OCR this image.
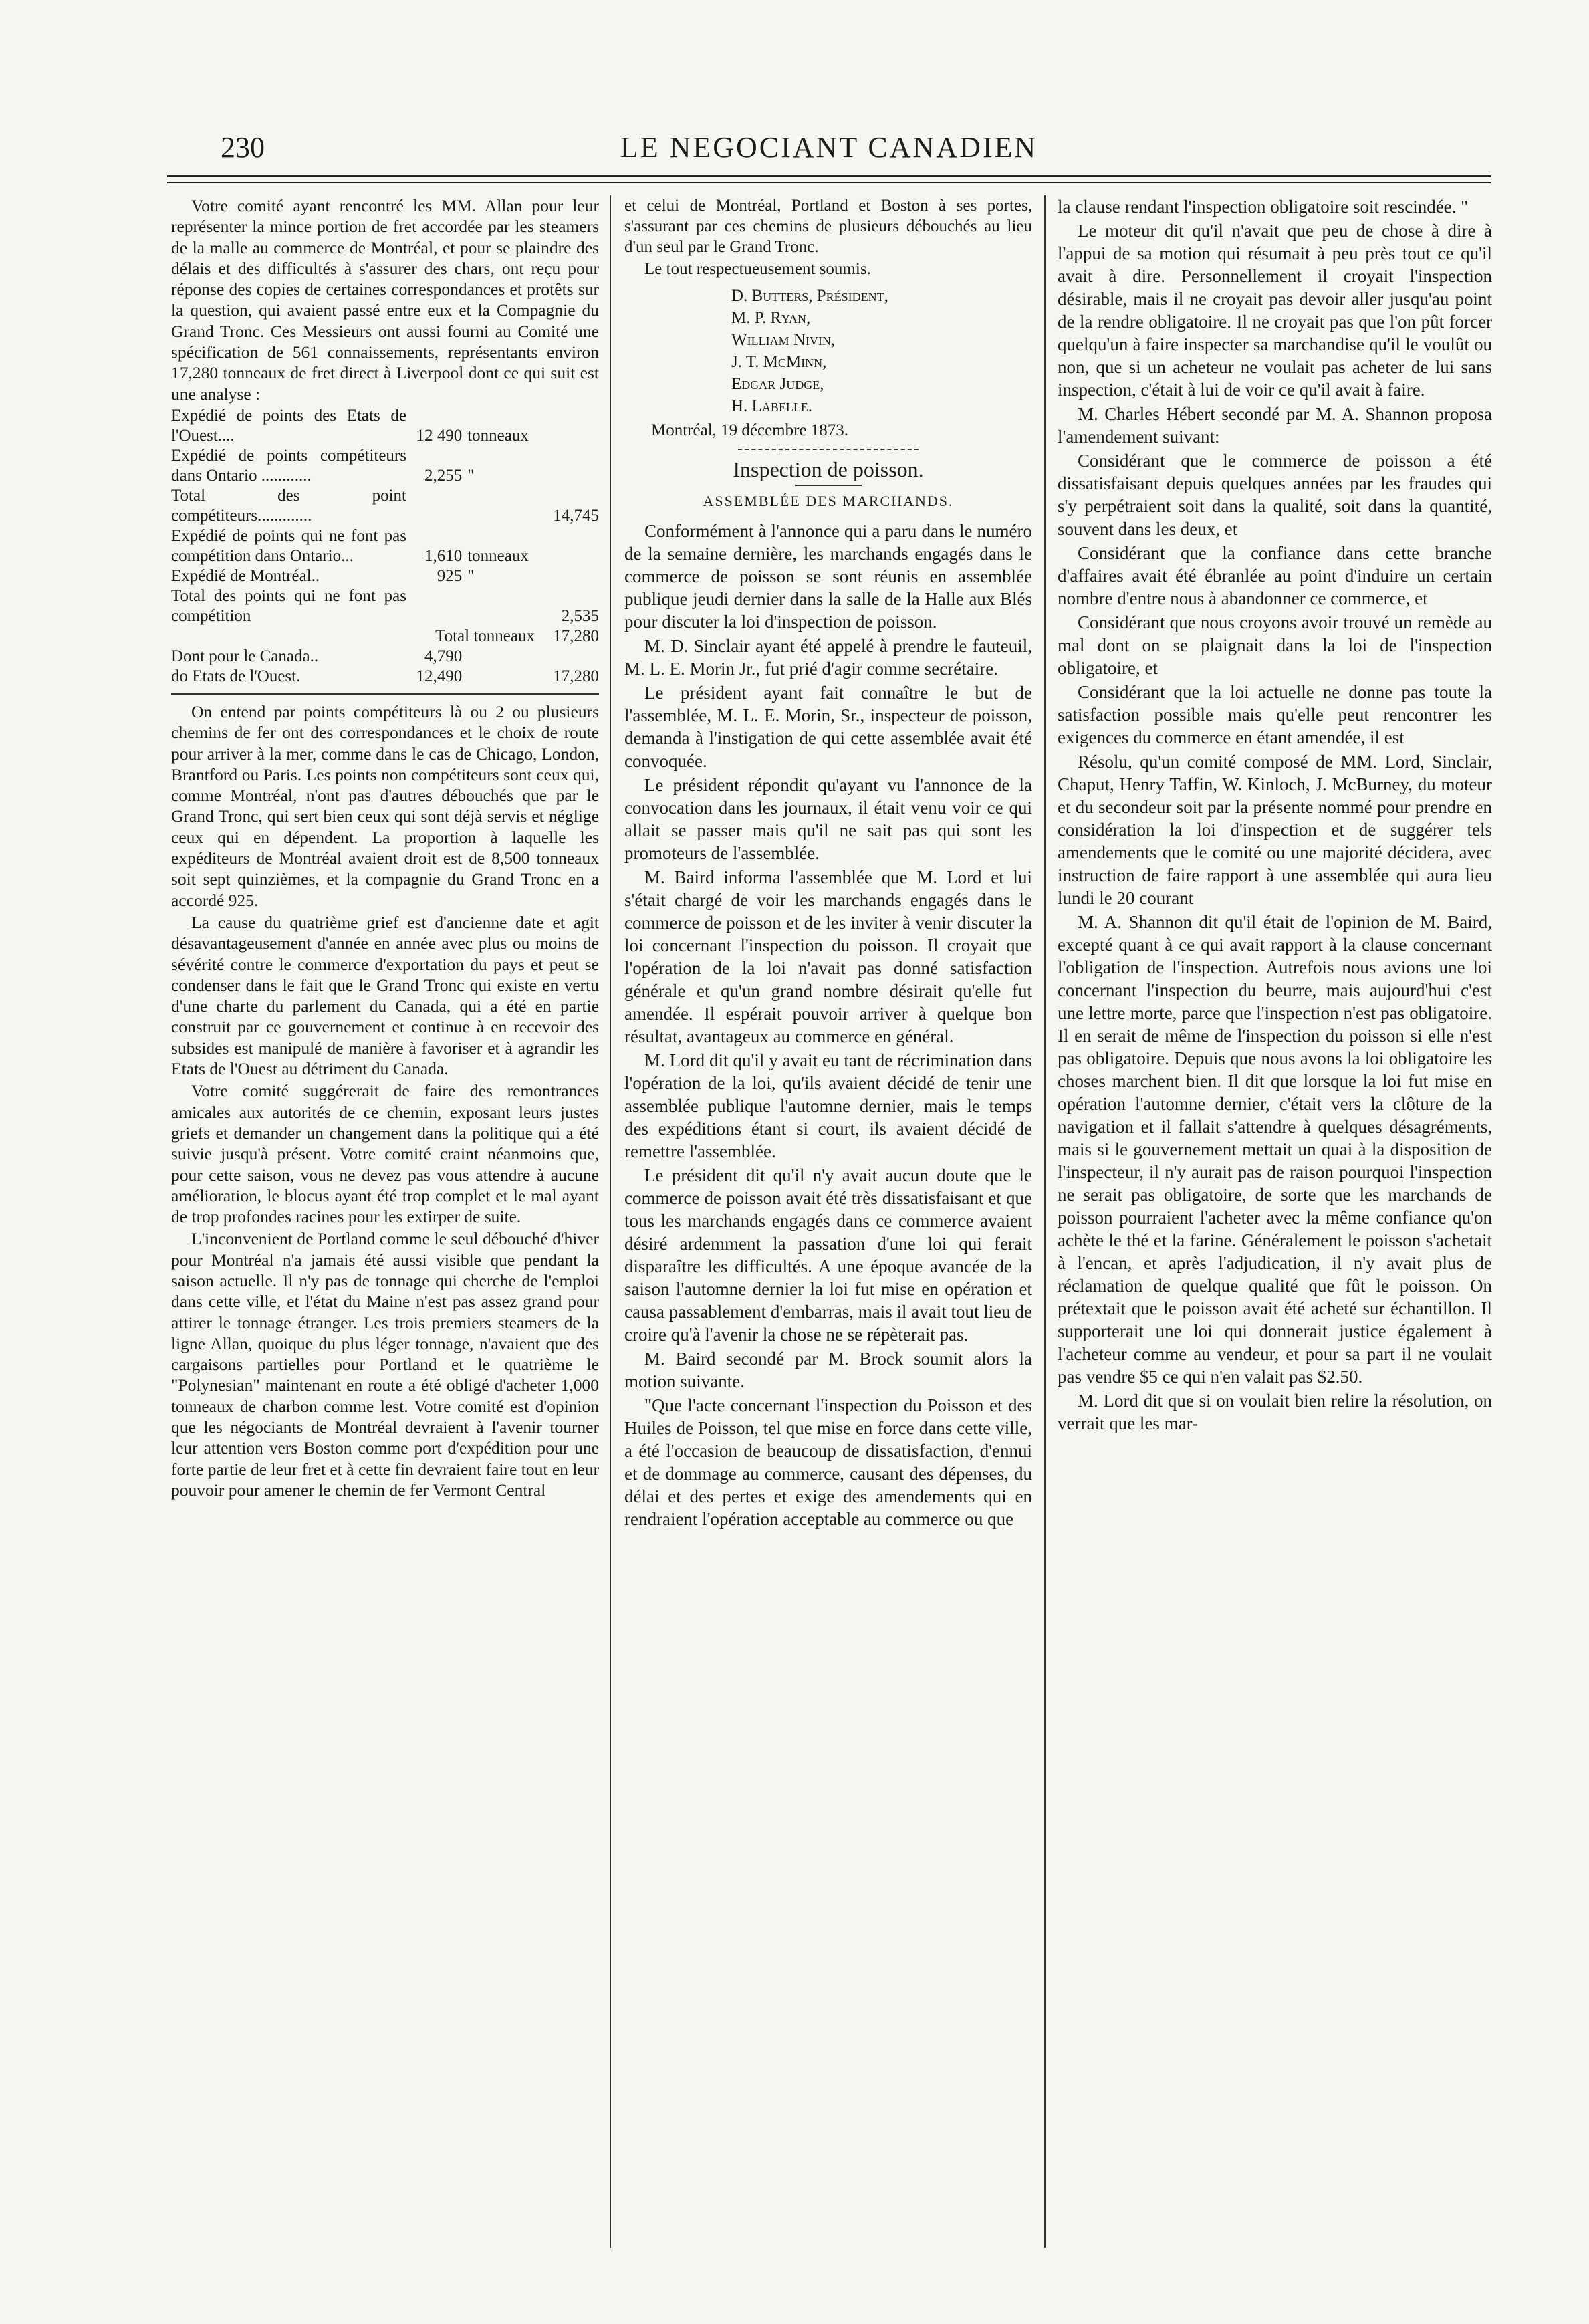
230	LE NEGOCIANT CANADIEN

Votre comité ayant rencontré les MM. Allan pour leur représenter la mince portion de fret accordée par les steamers de la malle au commerce de Montréal, et pour se plaindre des délais et des difficultés à s'assurer des chars, ont reçu pour réponse des copies de certaines correspondances et protêts sur la question, qui avaient passé entre eux et la Compagnie du Grand Tronc. Ces Messieurs ont aussi fourni au Comité une spécification de 561 connaissements, représentants environ 17,280 tonneaux de fret direct à Liverpool dont ce qui suit est une analyse :

Expédié de points des Etats de l'Ouest....	12 490	tonneaux	
Expédié de points compétiteurs dans Ontario ............	2,255	"	
Total des point compétiteurs.............			14,745
Expédié de points qui ne font pas compétition dans Ontario...	1,610	tonneaux	
Expédié de Montréal..	925	"	
Total des points qui ne font pas compétition			2,535
Total tonneaux			17,280
Dont pour le Canada..	4,790		
do Etats de l'Ouest.	12,490		17,280

On entend par points compétiteurs là ou 2 ou plusieurs chemins de fer ont des correspondances et le choix de route pour arriver à la mer, comme dans le cas de Chicago, London, Brantford ou Paris. Les points non compétiteurs sont ceux qui, comme Montréal, n'ont pas d'autres débouchés que par le Grand Tronc, qui sert bien ceux qui sont déjà servis et néglige ceux qui en dépendent. La proportion à laquelle les expéditeurs de Montréal avaient droit est de 8,500 tonneaux soit sept quinzièmes, et la compagnie du Grand Tronc en a accordé 925.

La cause du quatrième grief est d'ancienne date et agit désavantageusement d'année en année avec plus ou moins de sévérité contre le commerce d'exportation du pays et peut se condenser dans le fait que le Grand Tronc qui existe en vertu d'une charte du parlement du Canada, qui a été en partie construit par ce gouvernement et continue à en recevoir des subsides est manipulé de manière à favoriser et à agrandir les Etats de l'Ouest au détriment du Canada.

Votre comité suggérerait de faire des remontrances amicales aux autorités de ce chemin, exposant leurs justes griefs et demander un changement dans la politique qui a été suivie jusqu'à présent. Votre comité craint néanmoins que, pour cette saison, vous ne devez pas vous attendre à aucune amélioration, le blocus ayant été trop complet et le mal ayant de trop profondes racines pour les extirper de suite.

L'inconvenient de Portland comme le seul débouché d'hiver pour Montréal n'a jamais été aussi visible que pendant la saison actuelle. Il n'y pas de tonnage qui cherche de l'emploi dans cette ville, et l'état du Maine n'est pas assez grand pour attirer le tonnage étranger. Les trois premiers steamers de la ligne Allan, quoique du plus léger tonnage, n'avaient que des cargaisons partielles pour Portland et le quatrième le "Polynesian" maintenant en route a été obligé d'acheter 1,000 tonneaux de charbon comme lest. Votre comité est d'opinion que les négociants de Montréal devraient à l'avenir tourner leur attention vers Boston comme port d'expédition pour une forte partie de leur fret et à cette fin devraient faire tout en leur pouvoir pour amener le chemin de fer Vermont Central

et celui de Montréal, Portland et Boston à ses portes, s'assurant par ces chemins de plusieurs débouchés au lieu d'un seul par le Grand Tronc.

Le tout respectueusement soumis.

D. Butters, Président,
M. P. Ryan,
William Nivin,
J. T. McMinn,
Edgar Judge,
H. Labelle.

Montréal, 19 décembre 1873.

Inspection de poisson.
ASSEMBLÉE DES MARCHANDS.

Conformément à l'annonce qui a paru dans le numéro de la semaine dernière, les marchands engagés dans le commerce de poisson se sont réunis en assemblée publique jeudi dernier dans la salle de la Halle aux Blés pour discuter la loi d'inspection de poisson.

M. D. Sinclair ayant été appelé à prendre le fauteuil, M. L. E. Morin Jr., fut prié d'agir comme secrétaire.

Le président ayant fait connaître le but de l'assemblée, M. L. E. Morin, Sr., inspecteur de poisson, demanda à l'instigation de qui cette assemblée avait été convoquée.

Le président répondit qu'ayant vu l'annonce de la convocation dans les journaux, il était venu voir ce qui allait se passer mais qu'il ne sait pas qui sont les promoteurs de l'assemblée.

M. Baird informa l'assemblée que M. Lord et lui s'était chargé de voir les marchands engagés dans le commerce de poisson et de les inviter à venir discuter la loi concernant l'inspection du poisson. Il croyait que l'opération de la loi n'avait pas donné satisfaction générale et qu'un grand nombre désirait qu'elle fut amendée. Il espérait pouvoir arriver à quelque bon résultat, avantageux au commerce en général.

M. Lord dit qu'il y avait eu tant de récrimination dans l'opération de la loi, qu'ils avaient décidé de tenir une assemblée publique l'automne dernier, mais le temps des expéditions étant si court, ils avaient décidé de remettre l'assemblée.

Le président dit qu'il n'y avait aucun doute que le commerce de poisson avait été très dissatisfaisant et que tous les marchands engagés dans ce commerce avaient désiré ardemment la passation d'une loi qui ferait disparaître les difficultés. A une époque avancée de la saison l'automne dernier la loi fut mise en opération et causa passablement d'embarras, mais il avait tout lieu de croire qu'à l'avenir la chose ne se répèterait pas.

M. Baird secondé par M. Brock soumit alors la motion suivante.

"Que l'acte concernant l'inspection du Poisson et des Huiles de Poisson, tel que mise en force dans cette ville, a été l'occasion de beaucoup de dissatisfaction, d'ennui et de dommage au commerce, causant des dépenses, du délai et des pertes et exige des amendements qui en rendraient l'opération acceptable au commerce ou que

la clause rendant l'inspection obligatoire soit rescindée. "

Le moteur dit qu'il n'avait que peu de chose à dire à l'appui de sa motion qui résumait à peu près tout ce qu'il avait à dire. Personnellement il croyait l'inspection désirable, mais il ne croyait pas devoir aller jusqu'au point de la rendre obligatoire. Il ne croyait pas que l'on pût forcer quelqu'un à faire inspecter sa marchandise qu'il le voulût ou non, que si un acheteur ne voulait pas acheter de lui sans inspection, c'était à lui de voir ce qu'il avait à faire.

M. Charles Hébert secondé par M. A. Shannon proposa l'amendement suivant:

Considérant que le commerce de poisson a été dissatisfaisant depuis quelques années par les fraudes qui s'y perpétraient soit dans la qualité, soit dans la quantité, souvent dans les deux, et

Considérant que la confiance dans cette branche d'affaires avait été ébranlée au point d'induire un certain nombre d'entre nous à abandonner ce commerce, et

Considérant que nous croyons avoir trouvé un remède au mal dont on se plaignait dans la loi de l'inspection obligatoire, et

Considérant que la loi actuelle ne donne pas toute la satisfaction possible mais qu'elle peut rencontrer les exigences du commerce en étant amendée, il est

Résolu, qu'un comité composé de MM. Lord, Sinclair, Chaput, Henry Taffin, W. Kinloch, J. McBurney, du moteur et du secondeur soit par la présente nommé pour prendre en considération la loi d'inspection et de suggérer tels amendements que le comité ou une majorité décidera, avec instruction de faire rapport à une assemblée qui aura lieu lundi le 20 courant

M. A. Shannon dit qu'il était de l'opinion de M. Baird, excepté quant à ce qui avait rapport à la clause concernant l'obligation de l'inspection. Autrefois nous avions une loi concernant l'inspection du beurre, mais aujourd'hui c'est une lettre morte, parce que l'inspection n'est pas obligatoire. Il en serait de même de l'inspection du poisson si elle n'est pas obligatoire. Depuis que nous avons la loi obligatoire les choses marchent bien. Il dit que lorsque la loi fut mise en opération l'automne dernier, c'était vers la clôture de la navigation et il fallait s'attendre à quelques désagréments, mais si le gouvernement mettait un quai à la disposition de l'inspecteur, il n'y aurait pas de raison pourquoi l'inspection ne serait pas obligatoire, de sorte que les marchands de poisson pourraient l'acheter avec la même confiance qu'on achète le thé et la farine. Généralement le poisson s'achetait à l'encan, et après l'adjudication, il n'y avait plus de réclamation de quelque qualité que fût le poisson. On prétextait que le poisson avait été acheté sur échantillon. Il supporterait une loi qui donnerait justice également à l'acheteur comme au vendeur, et pour sa part il ne voulait pas vendre $5 ce qui n'en valait pas $2.50.

M. Lord dit que si on voulait bien relire la résolution, on verrait que les mar-
